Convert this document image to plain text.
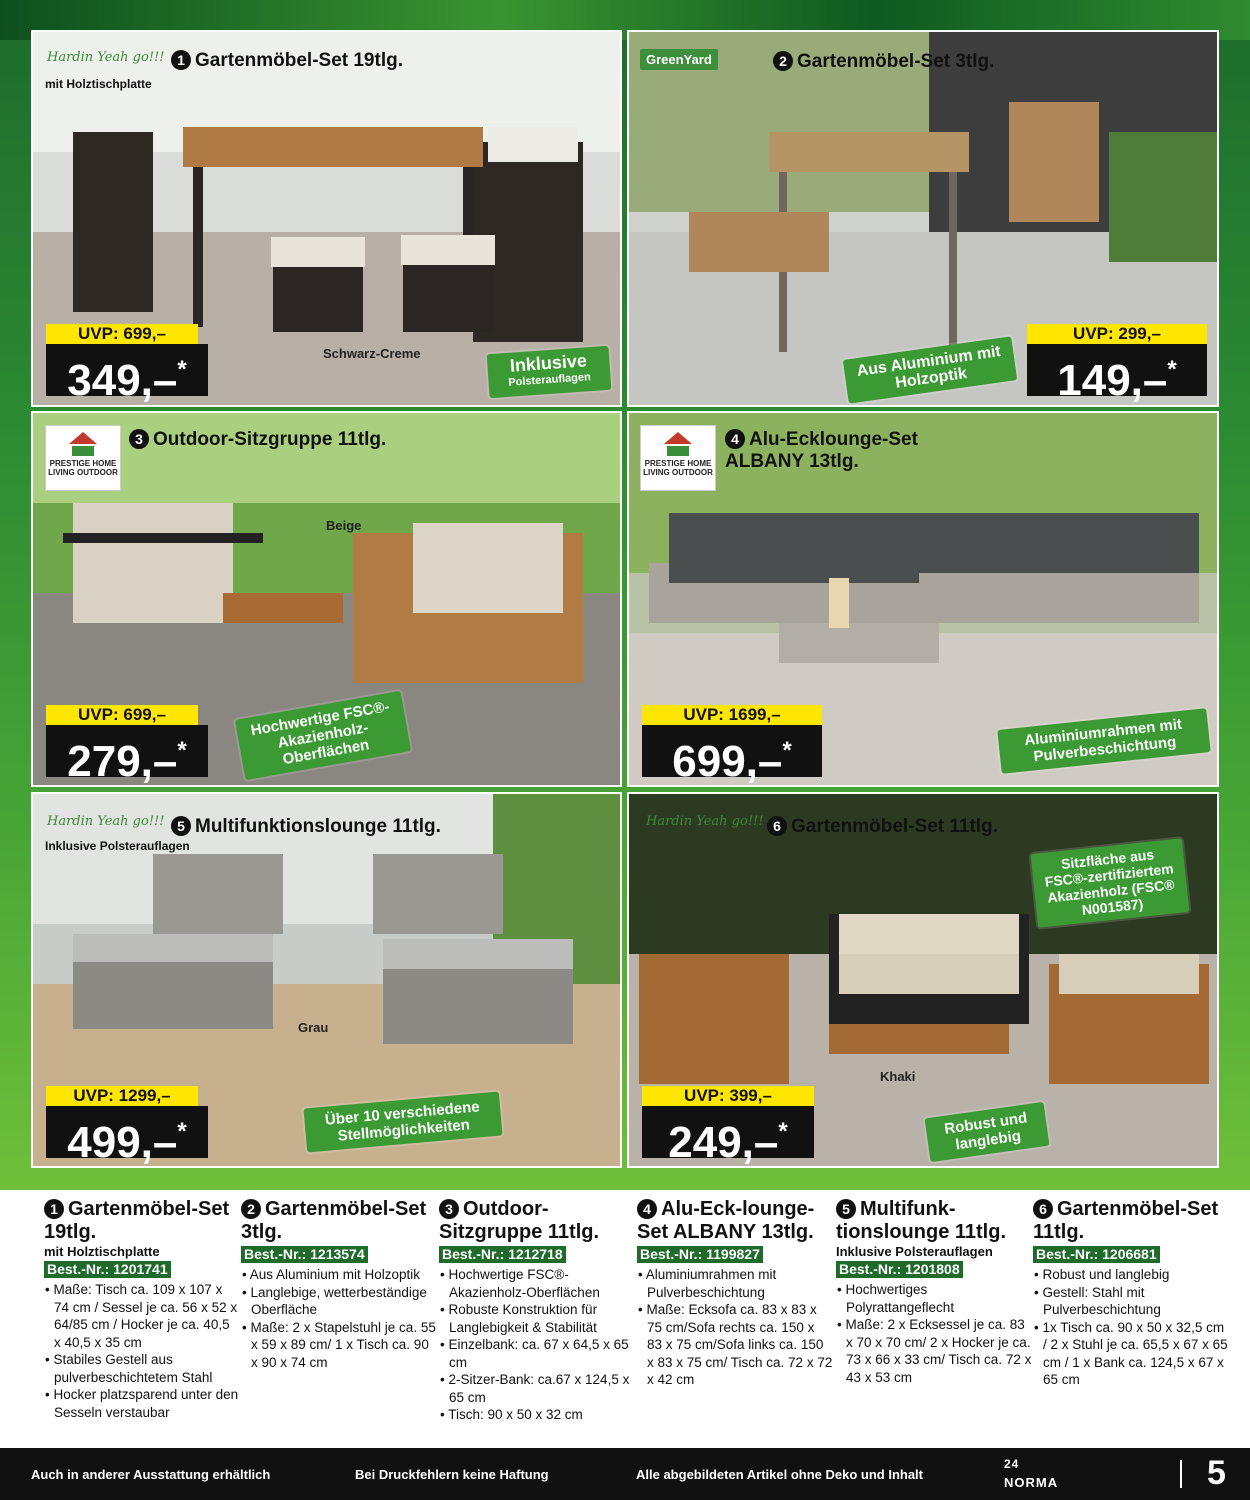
Hardin Yeah go!!! 1 Gartenmöbel-Set 19tlg.
mit Holztischplatte
UVP: 699,–
349,–*
Schwarz-Creme	Inklusive
Polsterauflagen
GreenYard	2 Gartenmöbel-Set 3tlg.
Aus Aluminium mit Holzoptik
UVP: 299,–
149,–*
PRESTIGE HOME LIVING OUTDOOR
3 Outdoor-Sitzgruppe 11tlg.
Beige
UVP: 699,–
279,–*
Hochwertige FSC®-Akazienholz-Oberflächen
PRESTIGE HOME LIVING OUTDOOR
4 Alu-Ecklounge-Set
ALBANY 13tlg.
UVP: 1699,–
699,–*
Aluminiumrahmen mit Pulverbeschichtung
Hardin Yeah go!!! 5 Multifunktionslounge 11tlg.
Inklusive Polsterauflagen
Grau
UVP: 1299,–
499,–*
Über 10 verschiedene Stellmöglichkeiten
Hardin Yeah go!!! 6 Gartenmöbel-Set 11tlg.
Sitzfläche aus FSC®-zertifiziertem Akazienholz (FSC® N001587)
Khaki
UVP: 399,–
249,–*	Robust und langlebig
1 Gartenmöbel-Set 19tlg.
mit Holztischplatte
Best.-Nr.: 1201741
• Maße: Tisch ca. 109 x 107 x 74 cm / Sessel je ca. 56 x 52 x 64/85 cm / Hocker je ca. 40,5 x 40,5 x 35 cm
• Stabiles Gestell aus pulverbeschichtetem Stahl
• Hocker platzsparend unter den Sesseln verstaubar
2 Gartenmöbel-Set 3tlg.
Best.-Nr.: 1213574
• Aus Aluminium mit Holzoptik
• Langlebige, wetterbeständige Oberfläche
• Maße: 2 x Stapelstuhl je ca. 55 x 59 x 89 cm/ 1 x Tisch ca. 90 x 90 x 74 cm
3 Outdoor-Sitzgruppe 11tlg.
Best.-Nr.: 1212718
• Hochwertige FSC®-Akazienholz-Oberflächen
• Robuste Konstruktion für Langlebigkeit & Stabilität
• Einzelbank: ca. 67 x 64,5 x 65 cm
• 2-Sitzer-Bank: ca.67 x 124,5 x 65 cm
• Tisch: 90 x 50 x 32 cm
4 Alu-Eck-lounge-Set ALBANY 13tlg.
Best.-Nr.: 1199827
• Aluminiumrahmen mit Pulverbeschichtung
• Maße: Ecksofa ca. 83 x 83 x 75 cm/Sofa rechts ca. 150 x 83 x 75 cm/Sofa links ca. 150 x 83 x 75 cm/ Tisch ca. 72 x 72 x 42 cm
5 Multifunk-tionslounge 11tlg.
Inklusive Polsterauflagen
Best.-Nr.: 1201808
• Hochwertiges Polyrattangeflecht
• Maße: 2 x Ecksessel je ca. 83 x 70 x 70 cm/ 2 x Hocker je ca. 73 x 66 x 33 cm/ Tisch ca. 72 x 43 x 53 cm
6 Gartenmöbel-Set 11tlg.
Best.-Nr.: 1206681
• Robust und langlebig
• Gestell: Stahl mit Pulverbeschichtung
• 1x Tisch ca. 90 x 50 x 32,5 cm / 2 x Stuhl je ca. 65,5 x 67 x 65 cm / 1 x Bank ca. 124,5 x 67 x 65 cm
Auch in anderer Ausstattung erhältlich	Bei Druckfehlern keine Haftung	Alle abgebildeten Artikel ohne Deko und Inhalt
NORMA
$^{24}$	5
